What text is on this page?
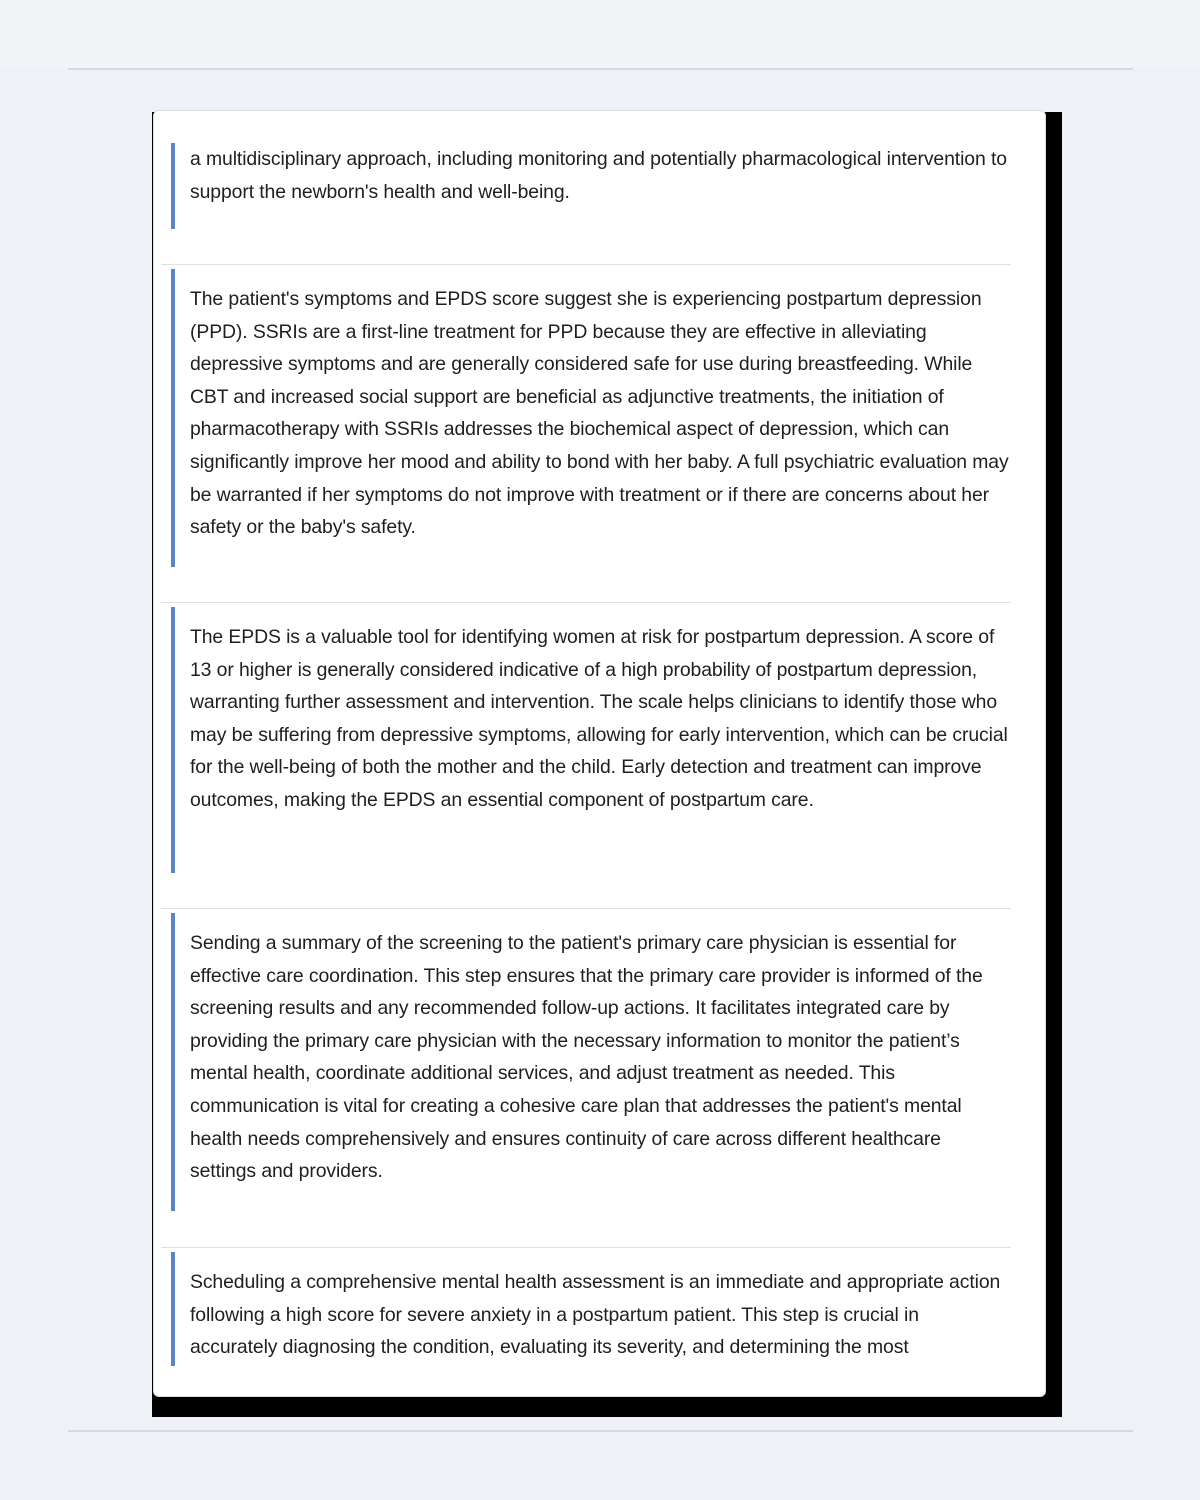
a multidisciplinary approach, including monitoring and potentially pharmacological intervention to support the newborn's health and well-being.

The patient's symptoms and EPDS score suggest she is experiencing postpartum depression (PPD). SSRIs are a first-line treatment for PPD because they are effective in alleviating depressive symptoms and are generally considered safe for use during breastfeeding. While CBT and increased social support are beneficial as adjunctive treatments, the initiation of pharmacotherapy with SSRIs addresses the biochemical aspect of depression, which can significantly improve her mood and ability to bond with her baby. A full psychiatric evaluation may be warranted if her symptoms do not improve with treatment or if there are concerns about her safety or the baby's safety.

The EPDS is a valuable tool for identifying women at risk for postpartum depression. A score of 13 or higher is generally considered indicative of a high probability of postpartum depression, warranting further assessment and intervention. The scale helps clinicians to identify those who may be suffering from depressive symptoms, allowing for early intervention, which can be crucial for the well-being of both the mother and the child. Early detection and treatment can improve outcomes, making the EPDS an essential component of postpartum care.

Sending a summary of the screening to the patient's primary care physician is essential for effective care coordination. This step ensures that the primary care provider is informed of the screening results and any recommended follow-up actions. It facilitates integrated care by providing the primary care physician with the necessary information to monitor the patient’s mental health, coordinate additional services, and adjust treatment as needed. This communication is vital for creating a cohesive care plan that addresses the patient's mental health needs comprehensively and ensures continuity of care across different healthcare settings and providers.

Scheduling a comprehensive mental health assessment is an immediate and appropriate action following a high score for severe anxiety in a postpartum patient. This step is crucial in accurately diagnosing the condition, evaluating its severity, and determining the most
